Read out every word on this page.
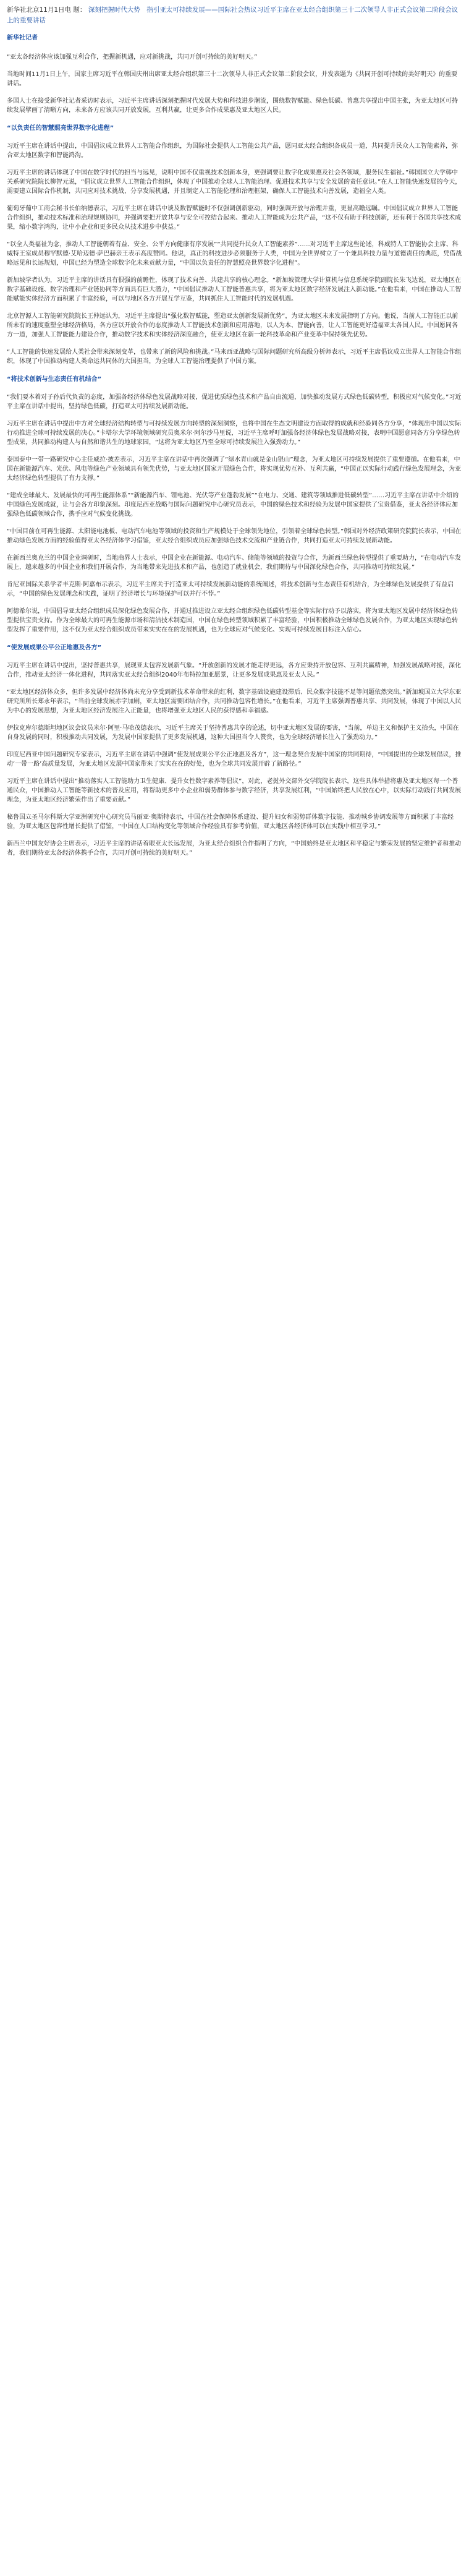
新华社北京11月1日电 题： 深刻把握时代大势　指引亚太可持续发展——国际社会热议习近平主席在亚太经合组织第三十二次领导人非正式会议第二阶段会议上的重要讲话

新华社记者

“亚太各经济体应该加强互利合作，把握新机遇，应对新挑战，共同开创可持续的美好明天。”

当地时间11月1日上午，国家主席习近平在韩国庆州出席亚太经合组织第三十二次领导人非正式会议第二阶段会议，并发表题为《共同开创可持续的美好明天》的重要讲话。

多国人士在接受新华社记者采访时表示，习近平主席讲话深刻把握时代发展大势和科技进步潮流，围绕数智赋能、绿色低碳、普惠共享提出中国主张，为亚太地区可持续发展擘画了清晰方向，未来各方应该共同开放发展，互利共赢，让更多合作成果惠及亚太地区人民。

“以负责任的智慧照亮世界数字化进程”

习近平主席在讲话中提出，中国倡议成立世界人工智能合作组织，为国际社会提供人工智能公共产品，愿同亚太经合组织各成员一道，共同提升民众人工智能素养，弥合亚太地区数字和智能鸿沟。

习近平主席的讲话体现了中国在数字时代的担当与远见，说明中国不仅重视技术创新本身，更强调要让数字化成果惠及社会各领域，服务民生福祉。”韩国国立大学韩中关系研究院院长柳智元说，“倡议成立世界人工智能合作组织，体现了中国推动全球人工智能治理、促进技术共享与安全发展的责任意识。”在人工智能快速发展的今天，需要建立国际合作机制，共同应对技术挑战，分享发展机遇，并且制定人工智能伦理和治理框架，确保人工智能技术向善发展，造福全人类。

葡萄牙葡中工商会秘书长伯纳德表示，习近平主席在讲话中谈及数智赋能时不仅强调创新驱动，同时强调开放与治理并重，更显高瞻远瞩。中国倡议成立世界人工智能合作组织，推动技术标准和治理规则协同，并强调要把开放共享与安全可控结合起来、推动人工智能成为公共产品，“这不仅有助于科技创新，还有利于各国共享技术成果，缩小数字鸿沟，让中小企业和更多民众从技术进步中获益。”

“以全人类福祉为念，推动人工智能朝着有益、安全、公平方向健康有序发展”“共同提升民众人工智能素养”……对习近平主席这些论述，科威特人工智能协会主席、科威特王室成员穆罕默德·艾哈迈德·萨巴赫亲王表示高度赞同。他说，真正的科技进步必须服务于人类，中国为全世界树立了一个兼具科技力量与道德责任的典范，凭借战略远见和长远规划，中国已经为塑造全球数字化未来贡献力量，“中国以负责任的智慧照亮世界数字化进程”。

新加坡学者认为，习近平主席的讲话具有很强的前瞻性，体现了技术向善、共建共享的核心理念。“新加坡管理大学计算机与信息系统学院副院长朱飞达说，亚太地区在数字基础设施、数字治理和产业链协同等方面具有巨大潜力，“中国倡议推动人工智能普惠共享，将为亚太地区数字经济发展注入新动能。”在他看来，中国在推动人工智能赋能实体经济方面积累了丰富经验，可以与地区各方开展互学互鉴，共同抓住人工智能时代的发展机遇。

北京智源人工智能研究院院长王仲远认为，习近平主席提出“强化数智赋能，塑造亚太创新发展新优势”，为亚太地区未来发展指明了方向。他说，当前人工智能正以前所未有的速度重塑全球经济格局，各方应以开放合作的态度推动人工智能技术创新和应用落地，以人为本、智能向善，让人工智能更好造福亚太各国人民。中国愿同各方一道，加强人工智能能力建设合作，推动数字技术和实体经济深度融合，使亚太地区在新一轮科技革命和产业变革中保持领先优势。

“人工智能的快速发展给人类社会带来深刻变革，也带来了新的风险和挑战。”马来西亚战略与国际问题研究所高级分析师表示，习近平主席倡议成立世界人工智能合作组织，体现了中国推动构建人类命运共同体的大国担当，为全球人工智能治理提供了中国方案。

“将技术创新与生态责任有机结合”

“我们要本着对子孙后代负责的态度，加强各经济体绿色发展战略对接，促进优质绿色技术和产品自由流通，加快推动发展方式绿色低碳转型，积极应对气候变化。”习近平主席在讲话中提出，坚持绿色低碳，打造亚太可持续发展新动能。

习近平主席在讲话中提出中方对全球经济结构转型与可持续发展方向转型的深刻洞察，也将中国在生态文明建设方面取得的成就和经验同各方分享，“体现出中国以实际行动推进全球可持续发展的决心。”卡塔尔大学环境领域研究员奥米尔·阿尔沙马里说，习近平主席呼吁加强各经济体绿色发展战略对接，表明中国愿意同各方分享绿色转型成果，共同推动构建人与自然和谐共生的地球家园，“这将为亚太地区乃至全球可持续发展注入强劲动力。”

泰国泰中一带一路研究中心主任威拉·披差表示，习近平主席在讲话中再次强调了“绿水青山就是金山银山”理念，为亚太地区可持续发展提供了重要遵循。在他看来，中国在新能源汽车、光伏、风电等绿色产业领域具有领先优势，与亚太地区国家开展绿色合作，将实现优势互补、互利共赢，“中国正以实际行动践行绿色发展理念，为亚太经济绿色转型提供了有力支撑。”

“建成全球最大、发展最快的可再生能源体系”“新能源汽车、锂电池、光伏等产业蓬勃发展”“在电力、交通、建筑等领域推进低碳转型”……习近平主席在讲话中介绍的中国绿色发展成就，让与会各方印象深刻。印度尼西亚战略与国际问题研究中心研究员表示，中国的绿色技术和经验为发展中国家提供了宝贵借鉴，亚太各经济体应加强绿色低碳领域合作，携手应对气候变化挑战。

“中国目前在可再生能源、太阳能电池板、电动汽车电池等领域的投资和生产规模处于全球领先地位，引领着全球绿色转型。”韩国对外经济政策研究院院长表示，中国在推动绿色发展方面的经验值得亚太各经济体学习借鉴，亚太经合组织成员应加强绿色技术交流和产业链合作，共同打造亚太可持续发展新动能。

在新西兰奥克兰的中国企业调研时，当地商界人士表示，中国企业在新能源、电动汽车、储能等领域的投资与合作，为新西兰绿色转型提供了重要助力，“在电动汽车发展上，越来越多的中国企业和我们开展合作，为当地带来先进技术和产品，也创造了就业机会，我们期待与中国深化绿色合作，共同推动可持续发展。”

肯尼亚国际关系学者丰克斯·阿嘉布示表示，习近平主席关于打造亚太可持续发展新动能的系统阐述，将技术创新与生态责任有机结合，为全球绿色发展提供了有益启示，“中国的绿色发展理念和实践，证明了经济增长与环境保护可以并行不悖。”

阿德希尔说，中国倡导亚太经合组织成员深化绿色发展合作，并通过推进设立亚太经合组织绿色低碳转型基金等实际行动予以落实，将为亚太地区发展中经济体绿色转型提供宝贵支持。作为全球最大的可再生能源市场和清洁技术制造国，中国在绿色转型领域积累了丰富经验，中国积极推动全球绿色发展合作，为亚太地区实现绿色转型发挥了重要作用，这不仅为亚太经合组织成员带来实实在在的发展机遇，也为全球应对气候变化、实现可持续发展目标注入信心。

“使发展成果公平公正地惠及各方”

习近平主席在讲话中提出，坚持普惠共享，展现亚太包容发展新气象。“开放创新的发展才能走得更远，各方应秉持开放包容、互利共赢精神，加强发展战略对接，深化合作，推动亚太经济一体化进程，共同落实亚太经合组织2040年布特拉加亚愿景，让更多发展成果惠及亚太人民。”

“亚太地区经济体众多，但许多发展中经济体尚未充分享受到新技术革命带来的红利，数字基础设施建设滞后、民众数字技能不足等问题依然突出。”新加坡国立大学东亚研究所所长郑永年表示，“当前全球发展赤字加剧，亚太地区需要团结合作，共同推动包容性增长。”在他看来，习近平主席强调普惠共享、共同发展，体现了中国以人民为中心的发展思想，为亚太地区经济发展注入正能量，也将增强亚太地区人民的获得感和幸福感。

伊拉克库尔德斯坦地区议会议员米尔·阿里·马哈茂德表示，习近平主席关于坚持普惠共享的论述，切中亚太地区发展的要害，“当前，单边主义和保护主义抬头，中国在自身发展的同时，积极推动共同发展，为发展中国家提供了更多发展机遇，这种大国担当令人赞赏，也为全球经济增长注入了强劲动力。”

印度尼西亚中国问题研究专家表示，习近平主席在讲话中强调“使发展成果公平公正地惠及各方”，这一理念契合发展中国家的共同期待，“中国提出的全球发展倡议，推动‘一带一路’高质量发展，为亚太地区发展中国家带来了实实在在的好处，也为全球共同发展开辟了新路径。”

习近平主席在讲话中提出“推动落实人工智能助力卫生健康、提升女性数字素养等倡议”，对此，老挝外交部外交学院院长表示，这些具体举措将惠及亚太地区每一个普通民众，中国推动人工智能等新技术的普及应用，将帮助更多中小企业和弱势群体参与数字经济，共享发展红利，“中国始终把人民放在心中，以实际行动践行共同发展理念，为亚太地区经济繁荣作出了重要贡献。”

秘鲁国立圣马尔科斯大学亚洲研究中心研究员马丽亚·奥斯特表示，中国在社会保障体系建设、提升妇女和弱势群体数字技能、推动城乡协调发展等方面积累了丰富经验，为亚太地区包容性增长提供了借鉴，“中国在人口结构变化等领域合作经验具有参考价值，亚太地区各经济体可以在实践中相互学习。”

新西兰中国友好协会主席表示，习近平主席的讲话着眼亚太长远发展，为亚太经合组织合作指明了方向，“中国始终是亚太地区和平稳定与繁荣发展的坚定维护者和推动者，我们期待亚太各经济体携手合作，共同开创可持续的美好明天。”
